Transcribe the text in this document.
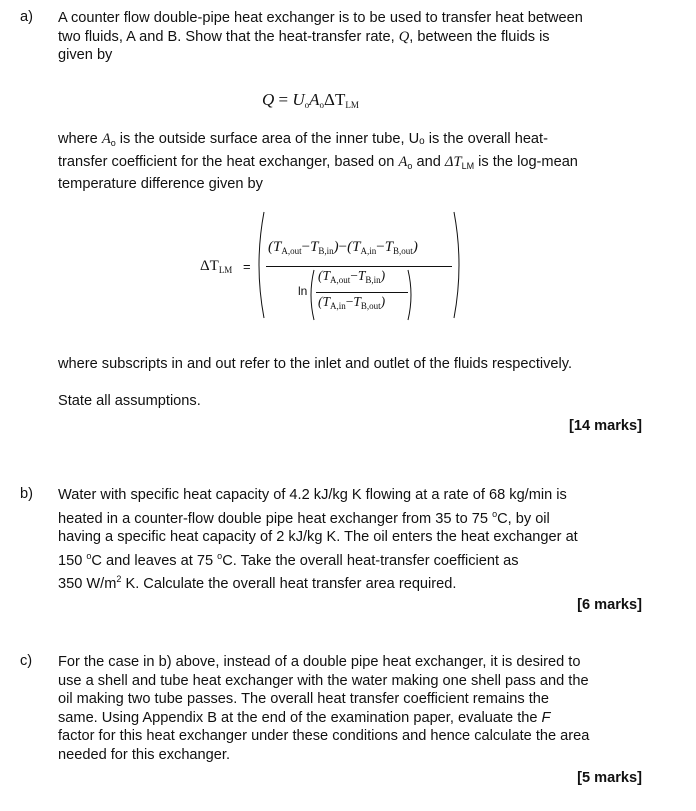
a) A counter flow double-pipe heat exchanger is to be used to transfer heat between
two fluids, A and B. Show that the heat-transfer rate, Q, between the fluids is
given by
$Q = U_oA_o\Delta T_{LM}$
where $A_o$ is the outside surface area of the inner tube, Uₒ is the overall heat-
transfer coefficient for the heat exchanger, based on $A_o$ and $\Delta T_{LM}$ is the log-mean
temperature difference given by
$\Delta T_{LM}$ =
$(T_{A,out}-T_{B,in})-(T_{A,in}-T_{B,out})$
ln
$(T_{A,out}-T_{B,in})$
$(T_{A,in}-T_{B,out})$
where subscripts in and out refer to the inlet and outlet of the fluids respectively.
State all assumptions.
[14 marks]
b) Water with specific heat capacity of 4.2 kJ/kg K flowing at a rate of 68 kg/min is
heated in a counter-flow double pipe heat exchanger from 35 to 75 $^o$C, by oil
having a specific heat capacity of 2 kJ/kg K. The oil enters the heat exchanger at
150 $^o$C and leaves at 75 $^o$C. Take the overall heat-transfer coefficient as
350 $W/m^2$ K. Calculate the overall heat transfer area required.
[6 marks]
c) For the case in b) above, instead of a double pipe heat exchanger, it is desired to
use a shell and tube heat exchanger with the water making one shell pass and the
oil making two tube passes. The overall heat transfer coefficient remains the
same. Using Appendix B at the end of the examination paper, evaluate the F
factor for this heat exchanger under these conditions and hence calculate the area
needed for this exchanger.
[5 marks]
